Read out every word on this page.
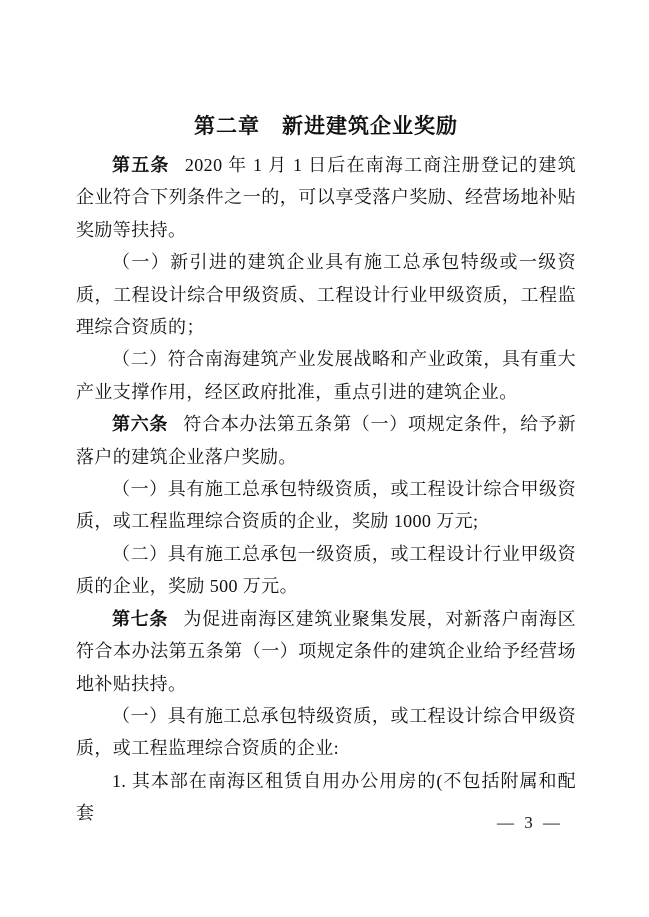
第二章　新进建筑企业奖励

第五条 2020 年 1 月 1 日后在南海工商注册登记的建筑企业符合下列条件之一的，可以享受落户奖励、经营场地补贴奖励等扶持。

（一）新引进的建筑企业具有施工总承包特级或一级资质，工程设计综合甲级资质、工程设计行业甲级资质，工程监理综合资质的；

（二）符合南海建筑产业发展战略和产业政策，具有重大产业支撑作用，经区政府批准，重点引进的建筑企业。

第六条 符合本办法第五条第（一）项规定条件，给予新落户的建筑企业落户奖励。

（一）具有施工总承包特级资质，或工程设计综合甲级资质，或工程监理综合资质的企业，奖励 1000 万元;

（二）具有施工总承包一级资质，或工程设计行业甲级资质的企业，奖励 500 万元。

第七条 为促进南海区建筑业聚集发展，对新落户南海区符合本办法第五条第（一）项规定条件的建筑企业给予经营场地补贴扶持。

（一）具有施工总承包特级资质，或工程设计综合甲级资质，或工程监理综合资质的企业:

1. 其本部在南海区租赁自用办公用房的(不包括附属和配套	— 3 —
